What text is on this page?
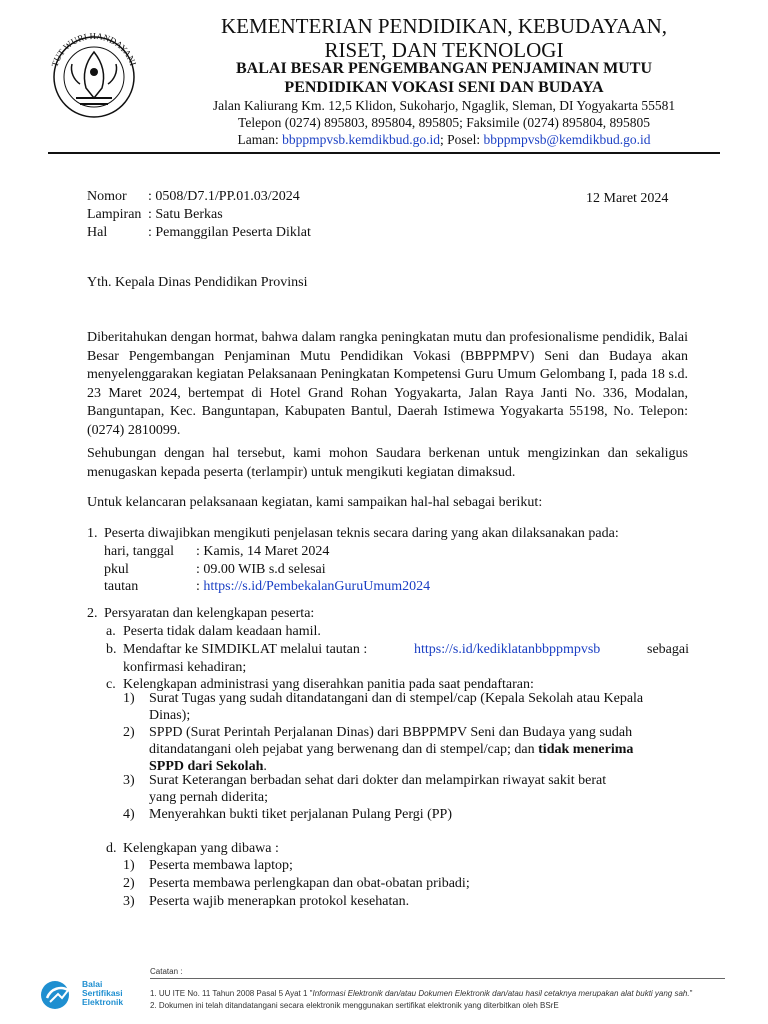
TUT WURI HANDAYANI
KEMENTERIAN PENDIDIKAN, KEBUDAYAAN,
RISET, DAN TEKNOLOGI
BALAI BESAR PENGEMBANGAN PENJAMINAN MUTU
PENDIDIKAN VOKASI SENI DAN BUDAYA
Jalan Kaliurang Km. 12,5 Klidon, Sukoharjo, Ngaglik, Sleman, DI Yogyakarta 55581
Telepon (0274) 895803, 895804, 895805; Faksimile (0274) 895804, 895805
Laman: bbppmpvsb.kemdikbud.go.id; Posel: bbppmpvsb@kemdikbud.go.id
Nomor : 0508/D7.1/PP.01.03/2024
Lampiran : Satu Berkas
Hal	: Pemanggilan Peserta Diklat
12 Maret 2024
Yth. Kepala Dinas Pendidikan Provinsi
Diberitahukan dengan hormat, bahwa dalam rangka peningkatan mutu dan profesionalisme pendidik, Balai Besar Pengembangan Penjaminan Mutu Pendidikan Vokasi (BBPPMPV) Seni dan Budaya akan menyelenggarakan kegiatan Pelaksanaan Peningkatan Kompetensi Guru Umum Gelombang I, pada 18 s.d. 23 Maret 2024, bertempat di Hotel Grand Rohan Yogyakarta, Jalan Raya Janti No. 336, Modalan, Banguntapan, Kec. Banguntapan, Kabupaten Bantul, Daerah Istimewa Yogyakarta 55198, No. Telepon: (0274) 2810099.
Sehubungan dengan hal tersebut, kami mohon Saudara berkenan untuk mengizinkan dan sekaligus menugaskan kepada peserta (terlampir) untuk mengikuti kegiatan dimaksud.
Untuk kelancaran pelaksanaan kegiatan, kami sampaikan hal-hal sebagai berikut:
1. Peserta diwajibkan mengikuti penjelasan teknis secara daring yang akan dilaksanakan pada:
hari, tanggal : Kamis, 14 Maret 2024
pkul	: 09.00 WIB s.d selesai
tautan	: https://s.id/PembekalanGuruUmum2024
2. Persyaratan dan kelengkapan peserta:
a. Peserta tidak dalam keadaan hamil.
b. Mendaftar ke SIMDIKLAT melalui tautan :	https://s.id/kediklatanbbppmpvsb	sebagai
konfirmasi kehadiran;
c. Kelengkapan administrasi yang diserahkan panitia pada saat pendaftaran:
1) Surat Tugas yang sudah ditandatangani dan di stempel/cap (Kepala Sekolah atau Kepala
Dinas);
2) SPPD (Surat Perintah Perjalanan Dinas) dari BBPPMPV Seni dan Budaya yang sudah
ditandatangani oleh pejabat yang berwenang dan di stempel/cap; dan tidak menerima
SPPD dari Sekolah.
3) Surat Keterangan berbadan sehat dari dokter dan melampirkan riwayat sakit berat
yang pernah diderita;
4) Menyerahkan bukti tiket perjalanan Pulang Pergi (PP)
d. Kelengkapan yang dibawa :
1) Peserta membawa laptop;
2) Peserta membawa perlengkapan dan obat-obatan pribadi;
3) Peserta wajib menerapkan protokol kesehatan.
Balai
Sertifikasi
Elektronik
Catatan :
1. UU ITE No. 11 Tahun 2008 Pasal 5 Ayat 1 "Informasi Elektronik dan/atau Dokumen Elektronik dan/atau hasil cetaknya merupakan alat bukti yang sah."
2. Dokumen ini telah ditandatangani secara elektronik menggunakan sertifikat elektronik yang diterbitkan oleh BSrE
